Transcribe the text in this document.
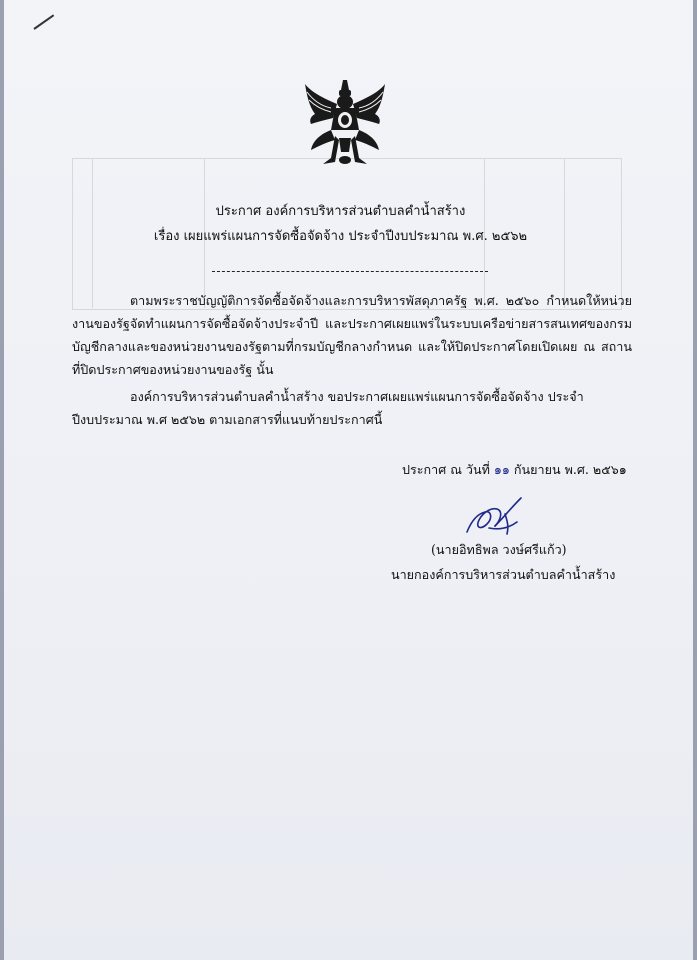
ประกาศ องค์การบริหารส่วนตำบลคำน้ำสร้าง
เรื่อง เผยแพร่แผนการจัดซื้อจัดจ้าง ประจำปีงบประมาณ พ.ศ. ๒๕๖๒
ตามพระราชบัญญัติการจัดซื้อจัดจ้างและการบริหารพัสดุภาครัฐ พ.ศ. ๒๕๖๐ กำหนดให้หน่วยงานของรัฐจัดทำแผนการจัดซื้อจัดจ้างประจำปี และประกาศเผยแพร่ในระบบเครือข่ายสารสนเทศของกรมบัญชีกลางและของหน่วยงานของรัฐตามที่กรมบัญชีกลางกำหนด และให้ปิดประกาศโดยเปิดเผย ณ สถานที่ปิดประกาศของหน่วยงานของรัฐ นั้น
องค์การบริหารส่วนตำบลคำน้ำสร้าง ขอประกาศเผยแพร่แผนการจัดซื้อจัดจ้าง ประจำปีงบประมาณ พ.ศ ๒๕๖๒ ตามเอกสารที่แนบท้ายประกาศนี้
ประกาศ ณ วันที่ ๑๑ กันยายน พ.ศ. ๒๕๖๑
(นายอิทธิพล วงษ์ศรีแก้ว)
นายกองค์การบริหารส่วนตำบลคำน้ำสร้าง
